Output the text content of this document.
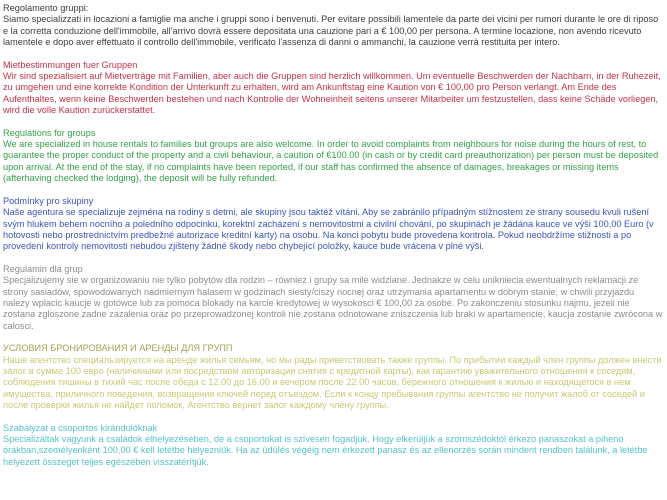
Regolamento gruppi:

Siamo specializzati in locazioni a famiglie ma anche i gruppi sono i benvenuti. Per evitare possibili lamentele da parte dei vicini per rumori durante le ore di riposo e la corretta conduzione dell'immobile, all'arrivo dovrà essere depositata una cauzione pari a € 100,00 per persona. A termine locazione, non avendo ricevuto lamentele e dopo aver effettuato il controllo dell'immobile, verificato l'assenza di danni o ammanchi, la cauzione verrà restituita per intero.

Mietbestimmungen fuer Gruppen

Wir sind spezialisiert auf Mietverträge mit Familien, aber auch die Gruppen sind herzlich willkommen. Um eventuelle Beschwerden der Nachbarn, in der Ruhezeit, zu umgehen und eine korrekte Kondition der Unterkunft zu erhalten, wird am Ankunftstag eine Kaution von € 100,00 pro Person verlangt. Am Ende des Aufenthaltes, wenn keine Beschwerden bestehen und nach Kontrolle der Wohneinheit seitens unserer Mitarbeiter um festzustellen, dass keine Schäde vorliegen, wird die volle Kaution zurückerstattet.

Regulations for groups

We are specialized in house rentals to families but groups are also welcome. In order to avoid complaints from neighbours for noise during the hours of rest, to guarantee the proper conduct of the property and a civil behaviour, a caution of €100.00 (in cash or by credit card preauthorization) per person must be deposited upon arrival. At the end of the stay, if no complaints have been reported, if our staff has confirmed the absence of damages, breakages or missing items (afterhaving checked the lodging), the deposit will be fully refunded.

Podmínky pro skupiny

Naše agentura se specializuje zejména na rodiny s detmi, ale skupiny jsou taktéž vítáni. Aby se zabránilo případným stížnostem ze strany sousedu kvuli rušení svým hlukem behem nocního a poledního odpocinku, korektní zacházení s nemovitostmi a civilní chování, po skupinách je žádána kauce ve výši 100,00 Euro (v hotovosti nebo prostrednictvím predbežné autorizace kreditní karty) na osobu. Na konci pobytu bude provedena kontrola. Pokud neobdržíme stižnosti a po provedení kontroly nemovitosti nebudou zjišteny žádné škody nebo chybející položky, kauce bude vrácena v plné výši.

Regulamin dla grup

Specjalizujemy sie w organizowaniu nie tylko pobytów dla rodzin – równiez i grupy sa mile widziane. Jednakze w celu unikniecia ewentualnych reklamacji ze strony sasiadów, spowodowanych nadmiernym halasem w godzinach siesty/ciszy nocnej oraz utrzymania apartamentu w dobrym stanie, w chwili przyjazdu nalezy wplacic kaucje w gotówce lub za pomoca blokady na karcie kredytowej w wysokosci € 100,00 za osobe. Po zakonczeniu stosunku najmu, jezeli nie zostana zgloszone zadne zazalenia oraz po przeprowadzonej kontroli nie zostana odnotowane zniszczenia lub braki w apartamencie, kaucja zostanie zwrócona w calosci.

УСЛОВИЯ БРОНИРОВАНИЯ И АРЕНДЫ ДЛЯ ГРУПП

Наше агентство специальзируется на аренде жилья семьям, но мы рады приветствовать также группы. По прибытии каждый член группы должен внести залог в сумме 100 евро (наличиными или посредством авторизации снятия с кредитной карты), как гарантию уважительного отношения к соседям, соблюдения тишины в тихий час после обеда с 12.00 до 16.00 и вечером после 22.00 часов, бережного отношения к жилью и находящегося в нем имущества, приличного поведения, возвращения ключей перед отъездом. Если к концу пребывания группы агентство не получит жалоб от соседей и после проверки жилья не найдет поломок, Агентство вернет залог каждому члену группы.

Szabályzat a csoportos kirándulóknak

Specializáltak vagyunk a családok elhelyezésében, de a csoportokat is szívesen fogadjuk. Hogy elkerüljük a szomszédoktól érkezo panaszokat a piheno órákban,személyenként 100,00 € kell letétbe helyezniük. Ha az üdülés végéig nem érkezett panasz és az ellenorzés során mindent rendben találunk, a letétbe helyezett összeget teljes egészében visszatérítjük.
